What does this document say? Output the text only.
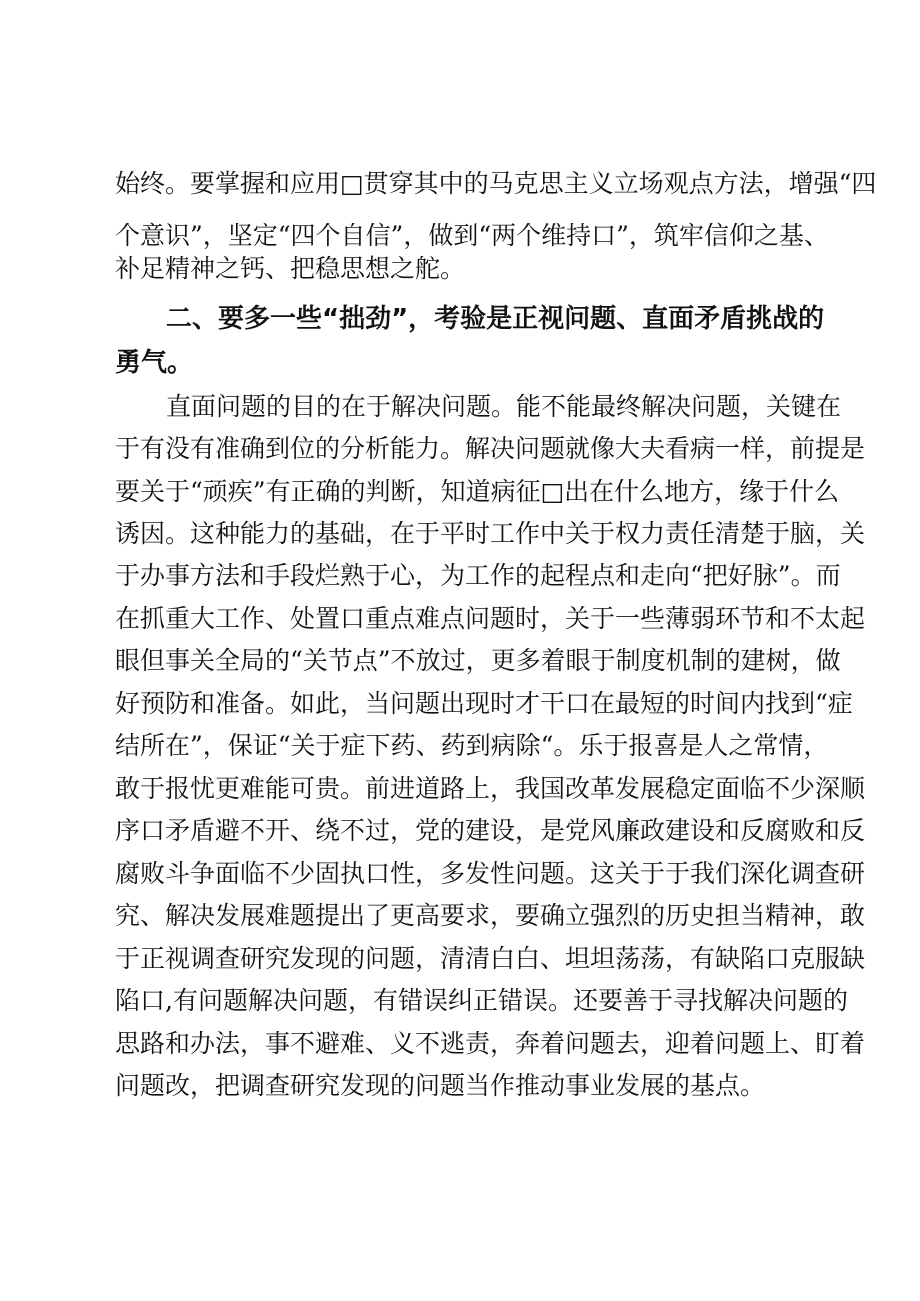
始终。要掌握和应用□贯穿其中的马克思主义立场观点方法，增强“四
个意识”，坚定“四个自信”，做到“两个维持口”，筑牢信仰之基、
补足精神之钙、把稳思想之舵。
二、要多一些“拙劲”，考验是正视问题、直面矛盾挑战的
勇气。
直面问题的目的在于解决问题。能不能最终解决问题，关键在
于有没有准确到位的分析能力。解决问题就像大夫看病一样，前提是
要关于“顽疾”有正确的判断，知道病征□出在什么地方，缘于什么
诱因。这种能力的基础，在于平时工作中关于权力责任清楚于脑，关
于办事方法和手段烂熟于心，为工作的起程点和走向“把好脉”。而
在抓重大工作、处置口重点难点问题时，关于一些薄弱环节和不太起
眼但事关全局的“关节点”不放过，更多着眼于制度机制的建树，做
好预防和准备。如此，当问题出现时才干口在最短的时间内找到“症
结所在”，保证“关于症下药、药到病除“。乐于报喜是人之常情，
敢于报忧更难能可贵。前进道路上，我国改革发展稳定面临不少深顺
序口矛盾避不开、绕不过，党的建设，是党风廉政建设和反腐败和反
腐败斗争面临不少固执口性，多发性问题。这关于于我们深化调查研
究、解决发展难题提出了更高要求，要确立强烈的历史担当精神，敢
于正视调查研究发现的问题，清清白白、坦坦荡荡，有缺陷口克服缺
陷口,有问题解决问题，有错误纠正错误。还要善于寻找解决问题的
思路和办法，事不避难、义不逃责，奔着问题去，迎着问题上、盯着
问题改，把调查研究发现的问题当作推动事业发展的基点。
